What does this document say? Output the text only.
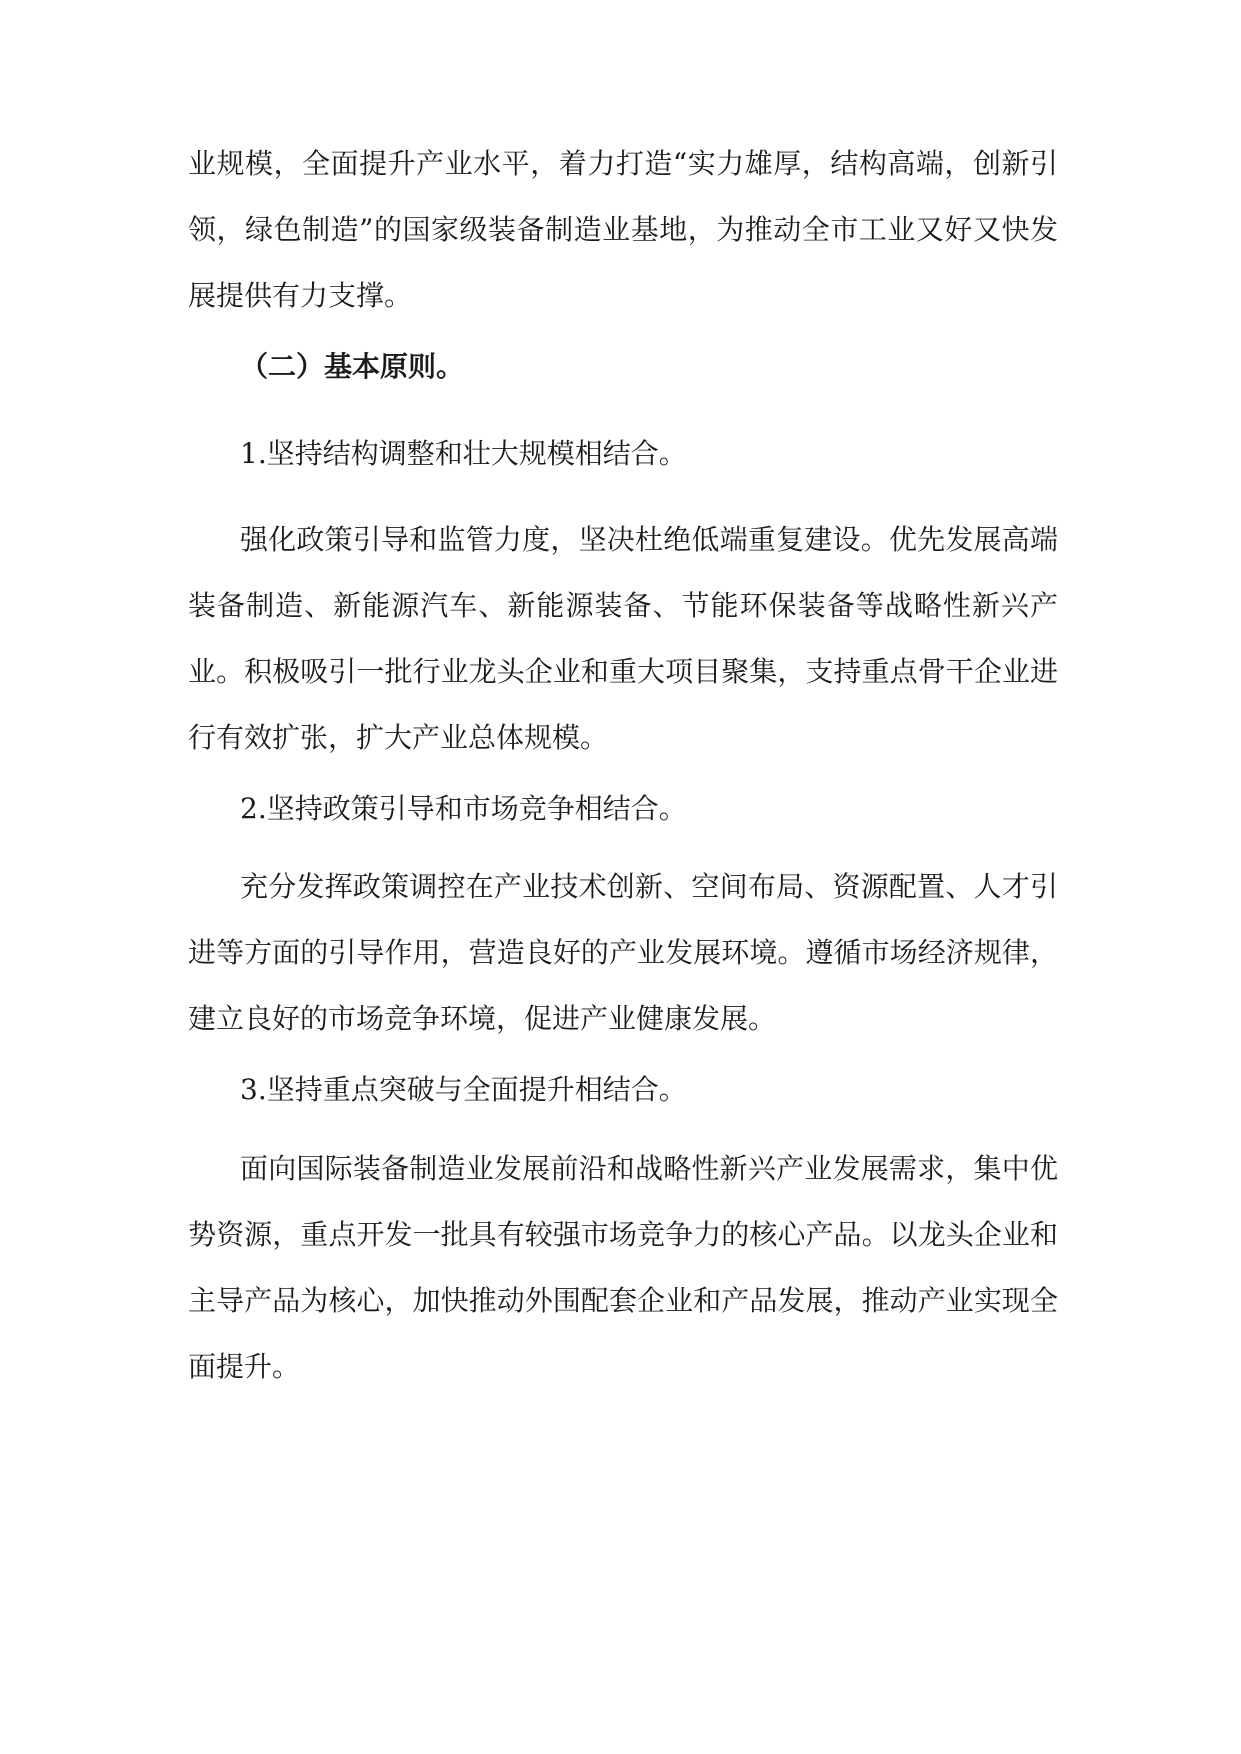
业规模，全面提升产业水平，着力打造“实力雄厚，结构高端，创新引领，绿色制造”的国家级装备制造业基地，为推动全市工业又好又快发展提供有力支撑。

（二）基本原则。

1.坚持结构调整和壮大规模相结合。

强化政策引导和监管力度，坚决杜绝低端重复建设。优先发展高端装备制造、新能源汽车、新能源装备、节能环保装备等战略性新兴产业。积极吸引一批行业龙头企业和重大项目聚集，支持重点骨干企业进行有效扩张，扩大产业总体规模。

2.坚持政策引导和市场竞争相结合。

充分发挥政策调控在产业技术创新、空间布局、资源配置、人才引进等方面的引导作用，营造良好的产业发展环境。遵循市场经济规律，建立良好的市场竞争环境，促进产业健康发展。

3.坚持重点突破与全面提升相结合。

面向国际装备制造业发展前沿和战略性新兴产业发展需求，集中优势资源，重点开发一批具有较强市场竞争力的核心产品。以龙头企业和主导产品为核心，加快推动外围配套企业和产品发展，推动产业实现全面提升。
